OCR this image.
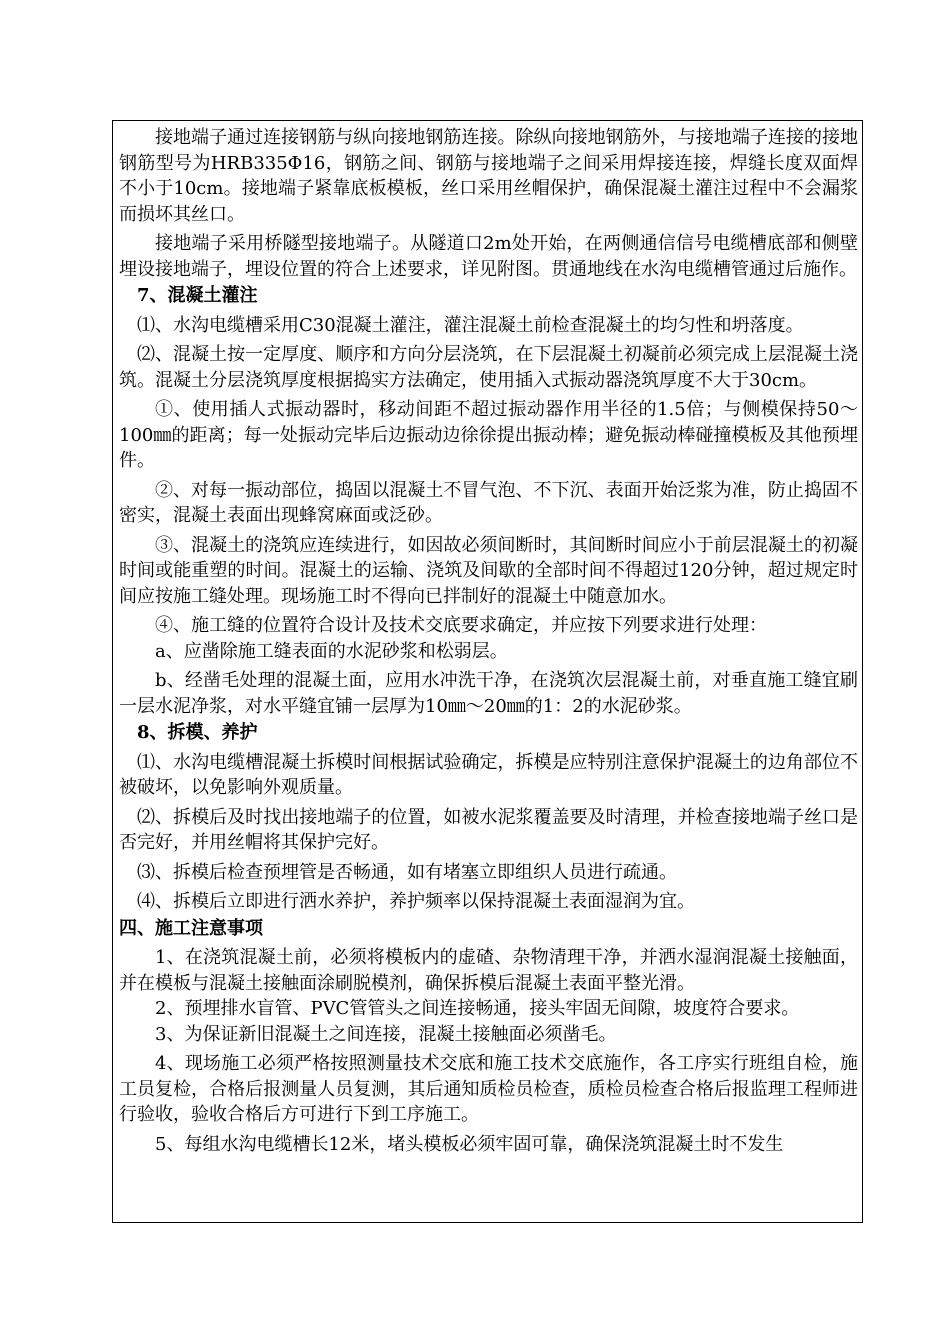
接地端子通过连接钢筋与纵向接地钢筋连接。除纵向接地钢筋外，与接地端子连接的接地钢筋型号为HRB335Φ16，钢筋之间、钢筋与接地端子之间采用焊接连接，焊缝长度双面焊不小于10cm。接地端子紧靠底板模板，丝口采用丝帽保护，确保混凝土灌注过程中不会漏浆而损坏其丝口。

接地端子采用桥隧型接地端子。从隧道口2m处开始，在两侧通信信号电缆槽底部和侧壁埋设接地端子，埋设位置的符合上述要求，详见附图。贯通地线在水沟电缆槽管通过后施作。

7、混凝土灌注

⑴、水沟电缆槽采用C30混凝土灌注，灌注混凝土前检查混凝土的均匀性和坍落度。

⑵、混凝土按一定厚度、顺序和方向分层浇筑，在下层混凝土初凝前必须完成上层混凝土浇筑。混凝土分层浇筑厚度根据捣实方法确定，使用插入式振动器浇筑厚度不大于30cm。

①、使用插人式振动器时，移动间距不超过振动器作用半径的1.5倍；与侧模保持50～100㎜的距离；每一处振动完毕后边振动边徐徐提出振动棒；避免振动棒碰撞模板及其他预埋件。

②、对每一振动部位，捣固以混凝土不冒气泡、不下沉、表面开始泛浆为准，防止捣固不密实，混凝土表面出现蜂窝麻面或泛砂。

③、混凝土的浇筑应连续进行，如因故必须间断时，其间断时间应小于前层混凝土的初凝时间或能重塑的时间。混凝土的运输、浇筑及间歇的全部时间不得超过120分钟，超过规定时间应按施工缝处理。现场施工时不得向已拌制好的混凝土中随意加水。

④、施工缝的位置符合设计及技术交底要求确定，并应按下列要求进行处理：

a、应凿除施工缝表面的水泥砂浆和松弱层。

b、经凿毛处理的混凝土面，应用水冲洗干净，在浇筑次层混凝土前，对垂直施工缝宜刷一层水泥净浆，对水平缝宜铺一层厚为10㎜～20㎜的1：2的水泥砂浆。

8、拆模、养护

⑴、水沟电缆槽混凝土拆模时间根据试验确定，拆模是应特别注意保护混凝土的边角部位不被破坏，以免影响外观质量。

⑵、拆模后及时找出接地端子的位置，如被水泥浆覆盖要及时清理，并检查接地端子丝口是否完好，并用丝帽将其保护完好。

⑶、拆模后检查预埋管是否畅通，如有堵塞立即组织人员进行疏通。

⑷、拆模后立即进行洒水养护，养护频率以保持混凝土表面湿润为宜。

四、施工注意事项

1、在浇筑混凝土前，必须将模板内的虚碴、杂物清理干净，并洒水湿润混凝土接触面，并在模板与混凝土接触面涂刷脱模剂，确保拆模后混凝土表面平整光滑。

2、预埋排水盲管、PVC管管头之间连接畅通，接头牢固无间隙，坡度符合要求。

3、为保证新旧混凝土之间连接，混凝土接触面必须凿毛。

4、现场施工必须严格按照测量技术交底和施工技术交底施作，各工序实行班组自检，施工员复检，合格后报测量人员复测，其后通知质检员检查，质检员检查合格后报监理工程师进行验收，验收合格后方可进行下到工序施工。

5、每组水沟电缆槽长12米，堵头模板必须牢固可靠，确保浇筑混凝土时不发生
